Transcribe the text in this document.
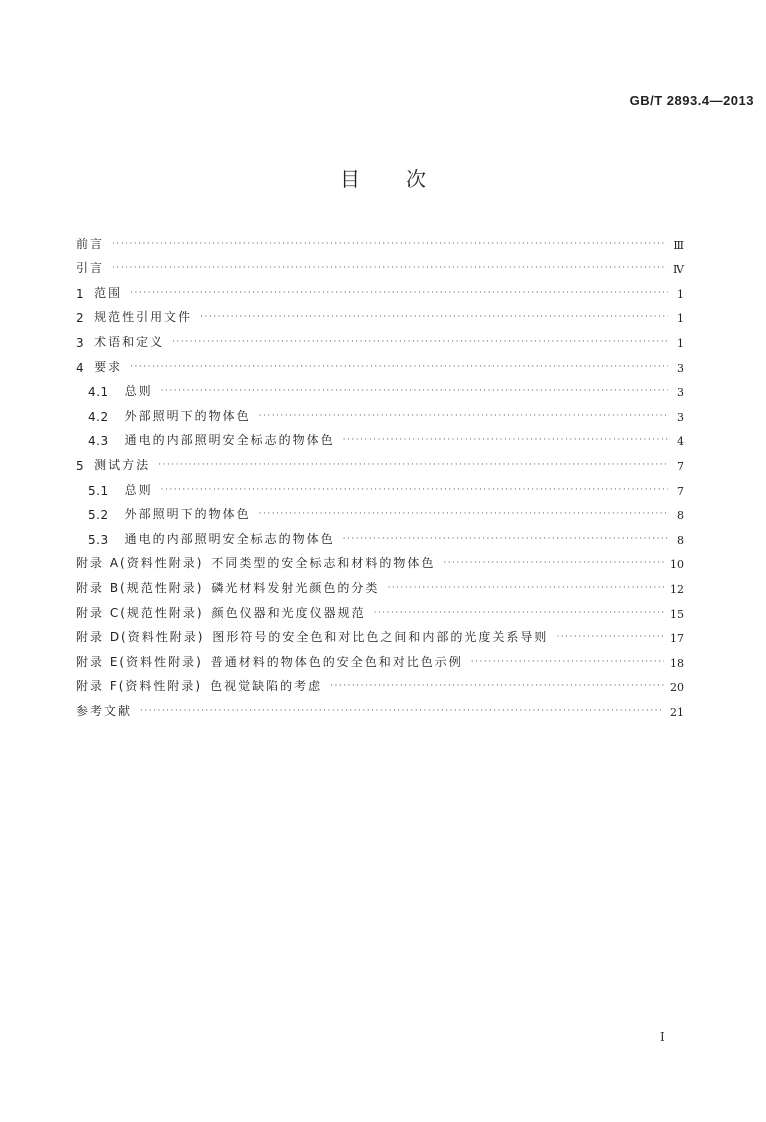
GB/T 2893.4—2013
目 次
前言 ·····	Ⅲ
引言 ·····	Ⅳ
1 范围 ·····	1
2 规范性引用文件 ·····	1
3 术语和定义 ·····	1
4 要求 ·····	3
4.1 总则 ·····	3
4.2 外部照明下的物体色 ·····	3
4.3 通电的内部照明安全标志的物体色 ·····	4
5 测试方法 ·····	7
5.1 总则 ·····	7
5.2 外部照明下的物体色 ·····	8
5.3 通电的内部照明安全标志的物体色 ·····	8
附录 A(资料性附录) 不同类型的安全标志和材料的物体色 ·····	10
附录 B(规范性附录) 磷光材料发射光颜色的分类 ·····	12
附录 C(规范性附录) 颜色仪器和光度仪器规范 ·····	15
附录 D(资料性附录) 图形符号的安全色和对比色之间和内部的光度关系导则 ·····	17
附录 E(资料性附录) 普通材料的物体色的安全色和对比色示例 ·····	18
附录 F(资料性附录) 色视觉缺陷的考虑 ·····	20
参考文献 ·····	21
I
